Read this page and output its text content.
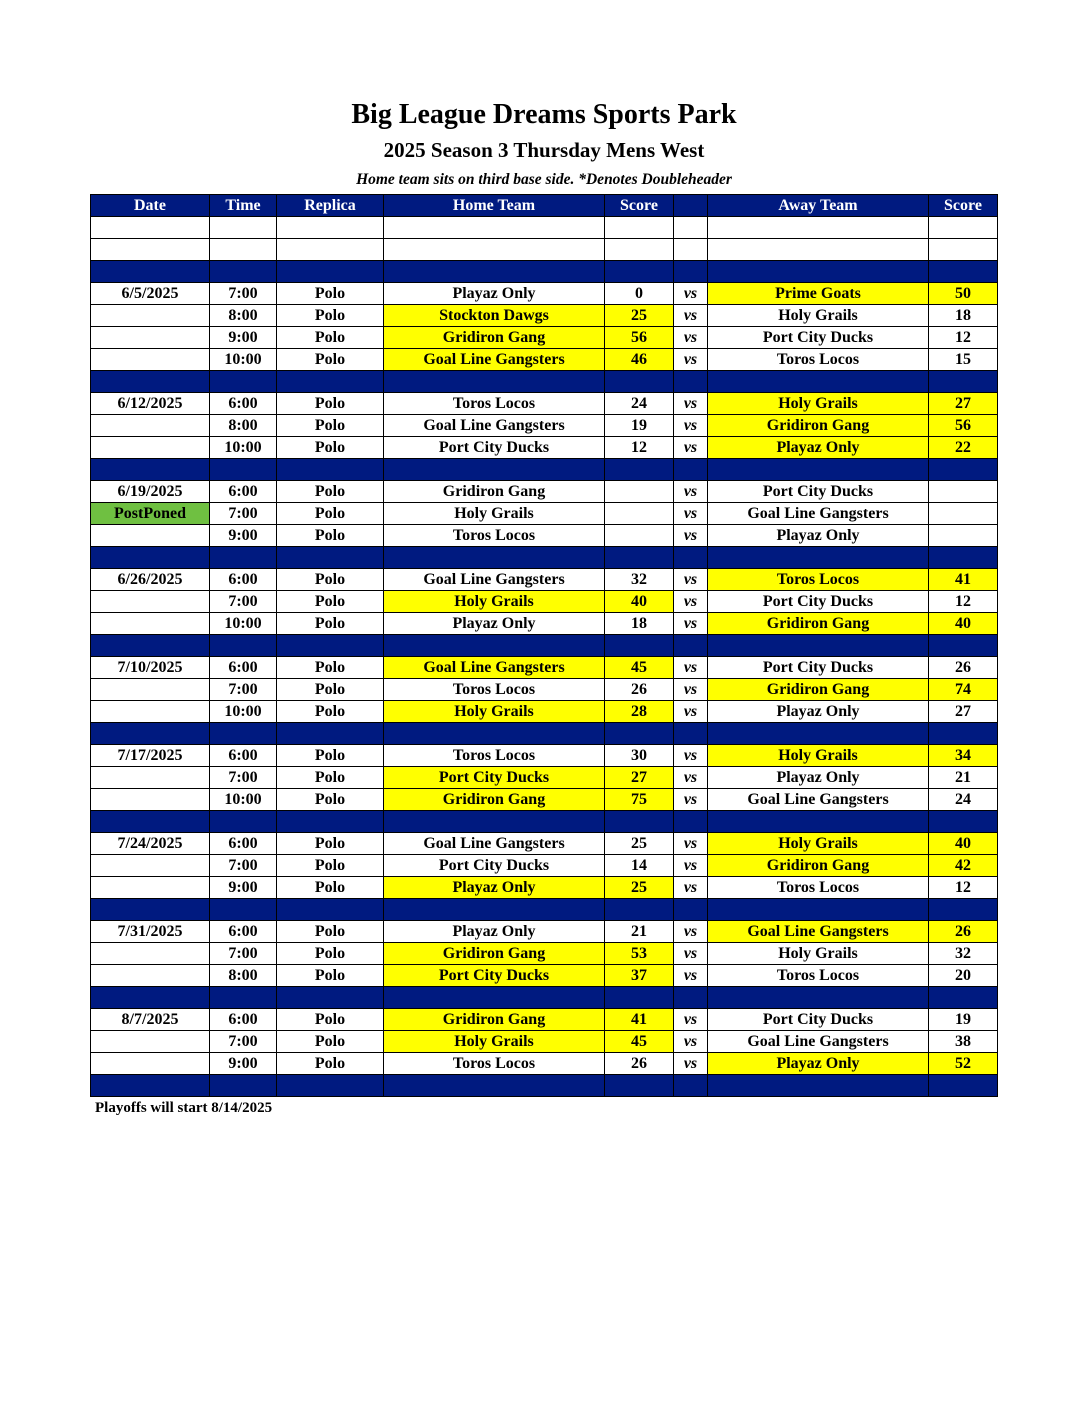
Big League Dreams Sports Park
2025 Season 3 Thursday Mens West
Home team sits on third base side. *Denotes Doubleheader
Date	Time	Replica	Home Team	Score		Away Team	Score

6/5/2025	7:00	Polo	Playaz Only	0	vs	Prime Goats	50
	8:00	Polo	Stockton Dawgs	25	vs	Holy Grails	18
	9:00	Polo	Gridiron Gang	56	vs	Port City Ducks	12
	10:00	Polo	Goal Line Gangsters	46	vs	Toros Locos	15

6/12/2025	6:00	Polo	Toros Locos	24	vs	Holy Grails	27
	8:00	Polo	Goal Line Gangsters	19	vs	Gridiron Gang	56
	10:00	Polo	Port City Ducks	12	vs	Playaz Only	22

6/19/2025	6:00	Polo	Gridiron Gang		vs	Port City Ducks	
PostPoned	7:00	Polo	Holy Grails		vs	Goal Line Gangsters	
	9:00	Polo	Toros Locos		vs	Playaz Only	

6/26/2025	6:00	Polo	Goal Line Gangsters	32	vs	Toros Locos	41
	7:00	Polo	Holy Grails	40	vs	Port City Ducks	12
	10:00	Polo	Playaz Only	18	vs	Gridiron Gang	40

7/10/2025	6:00	Polo	Goal Line Gangsters	45	vs	Port City Ducks	26
	7:00	Polo	Toros Locos	26	vs	Gridiron Gang	74
	10:00	Polo	Holy Grails	28	vs	Playaz Only	27

7/17/2025	6:00	Polo	Toros Locos	30	vs	Holy Grails	34
	7:00	Polo	Port City Ducks	27	vs	Playaz Only	21
	10:00	Polo	Gridiron Gang	75	vs	Goal Line Gangsters	24

7/24/2025	6:00	Polo	Goal Line Gangsters	25	vs	Holy Grails	40
	7:00	Polo	Port City Ducks	14	vs	Gridiron Gang	42
	9:00	Polo	Playaz Only	25	vs	Toros Locos	12

7/31/2025	6:00	Polo	Playaz Only	21	vs	Goal Line Gangsters	26
	7:00	Polo	Gridiron Gang	53	vs	Holy Grails	32
	8:00	Polo	Port City Ducks	37	vs	Toros Locos	20

8/7/2025	6:00	Polo	Gridiron Gang	41	vs	Port City Ducks	19
	7:00	Polo	Holy Grails	45	vs	Goal Line Gangsters	38
	9:00	Polo	Toros Locos	26	vs	Playaz Only	52

Playoffs will start 8/14/2025
